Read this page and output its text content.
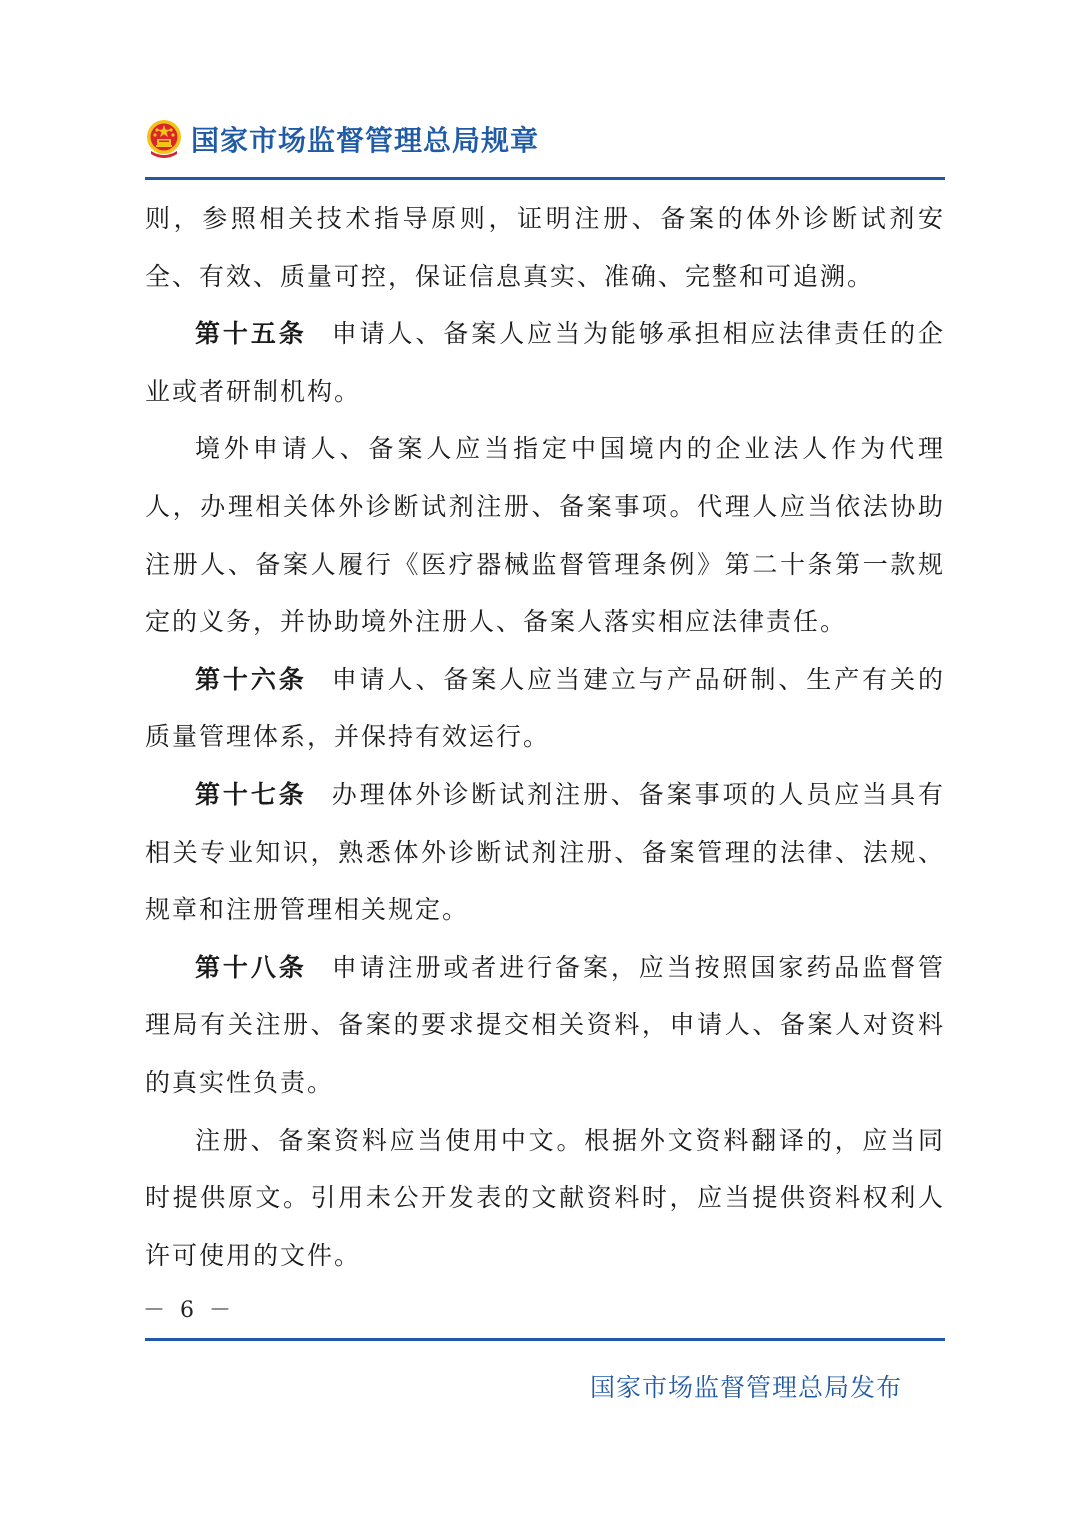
国家市场监督管理总局规章

则，参照相关技术指导原则，证明注册、备案的体外诊断试剂安全、有效、质量可控，保证信息真实、准确、完整和可追溯。

第十五条 申请人、备案人应当为能够承担相应法律责任的企业或者研制机构。

境外申请人、备案人应当指定中国境内的企业法人作为代理人，办理相关体外诊断试剂注册、备案事项。代理人应当依法协助注册人、备案人履行《医疗器械监督管理条例》第二十条第一款规定的义务，并协助境外注册人、备案人落实相应法律责任。

第十六条 申请人、备案人应当建立与产品研制、生产有关的质量管理体系，并保持有效运行。

第十七条 办理体外诊断试剂注册、备案事项的人员应当具有相关专业知识，熟悉体外诊断试剂注册、备案管理的法律、法规、规章和注册管理相关规定。

第十八条 申请注册或者进行备案，应当按照国家药品监督管理局有关注册、备案的要求提交相关资料，申请人、备案人对资料的真实性负责。

注册、备案资料应当使用中文。根据外文资料翻译的，应当同时提供原文。引用未公开发表的文献资料时，应当提供资料权利人许可使用的文件。

－ 6 －
国家市场监督管理总局发布
